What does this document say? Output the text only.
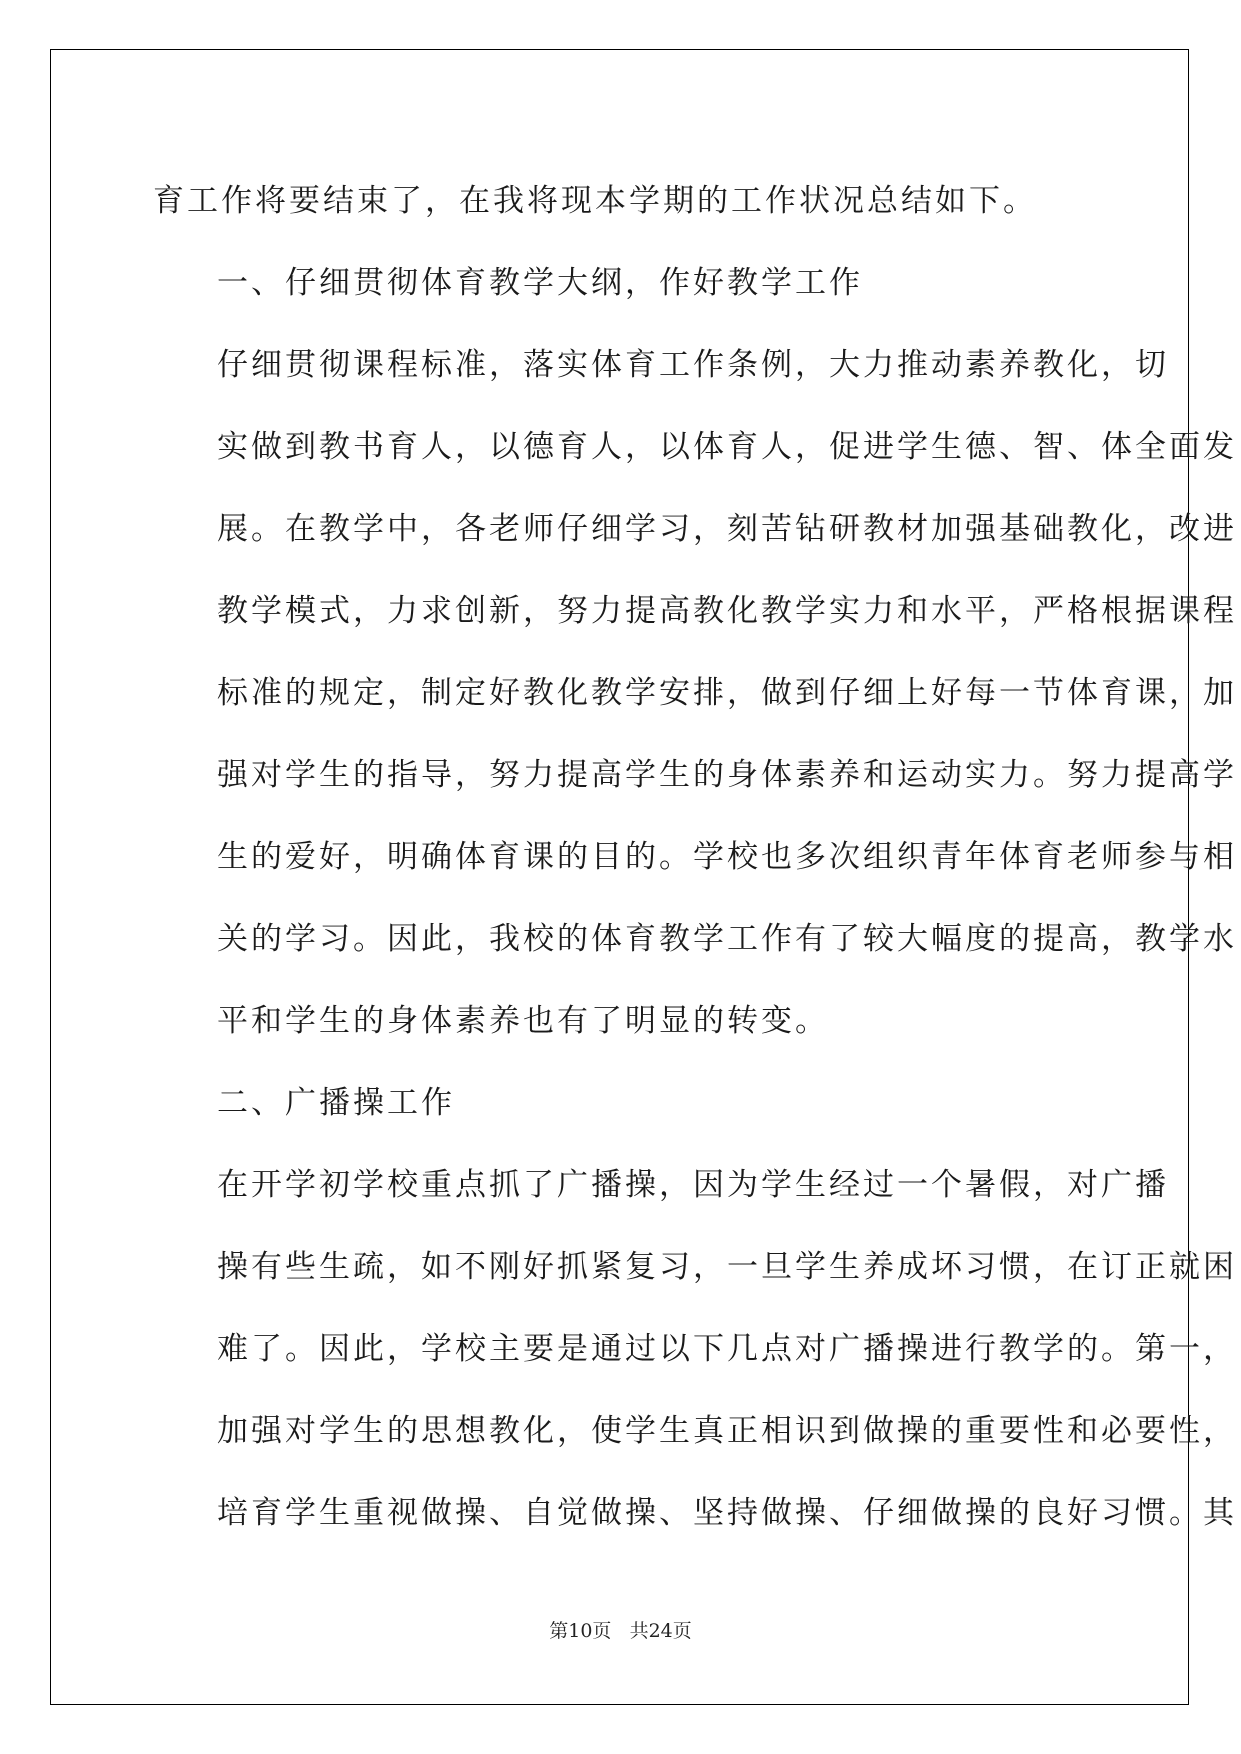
育工作将要结束了，在我将现本学期的工作状况总结如下。

一、仔细贯彻体育教学大纲，作好教学工作

仔细贯彻课程标准，落实体育工作条例，大力推动素养教化，切
实做到教书育人，以德育人，以体育人，促进学生德、智、体全面发
展。在教学中，各老师仔细学习，刻苦钻研教材加强基础教化，改进
教学模式，力求创新，努力提高教化教学实力和水平，严格根据课程
标准的规定，制定好教化教学安排，做到仔细上好每一节体育课，加
强对学生的指导，努力提高学生的身体素养和运动实力。努力提高学
生的爱好，明确体育课的目的。学校也多次组织青年体育老师参与相
关的学习。因此，我校的体育教学工作有了较大幅度的提高，教学水
平和学生的身体素养也有了明显的转变。

二、广播操工作

在开学初学校重点抓了广播操，因为学生经过一个暑假，对广播
操有些生疏，如不刚好抓紧复习，一旦学生养成坏习惯，在订正就困
难了。因此，学校主要是通过以下几点对广播操进行教学的。第一，
加强对学生的思想教化，使学生真正相识到做操的重要性和必要性，
培育学生重视做操、自觉做操、坚持做操、仔细做操的良好习惯。其

第10页 共24页
